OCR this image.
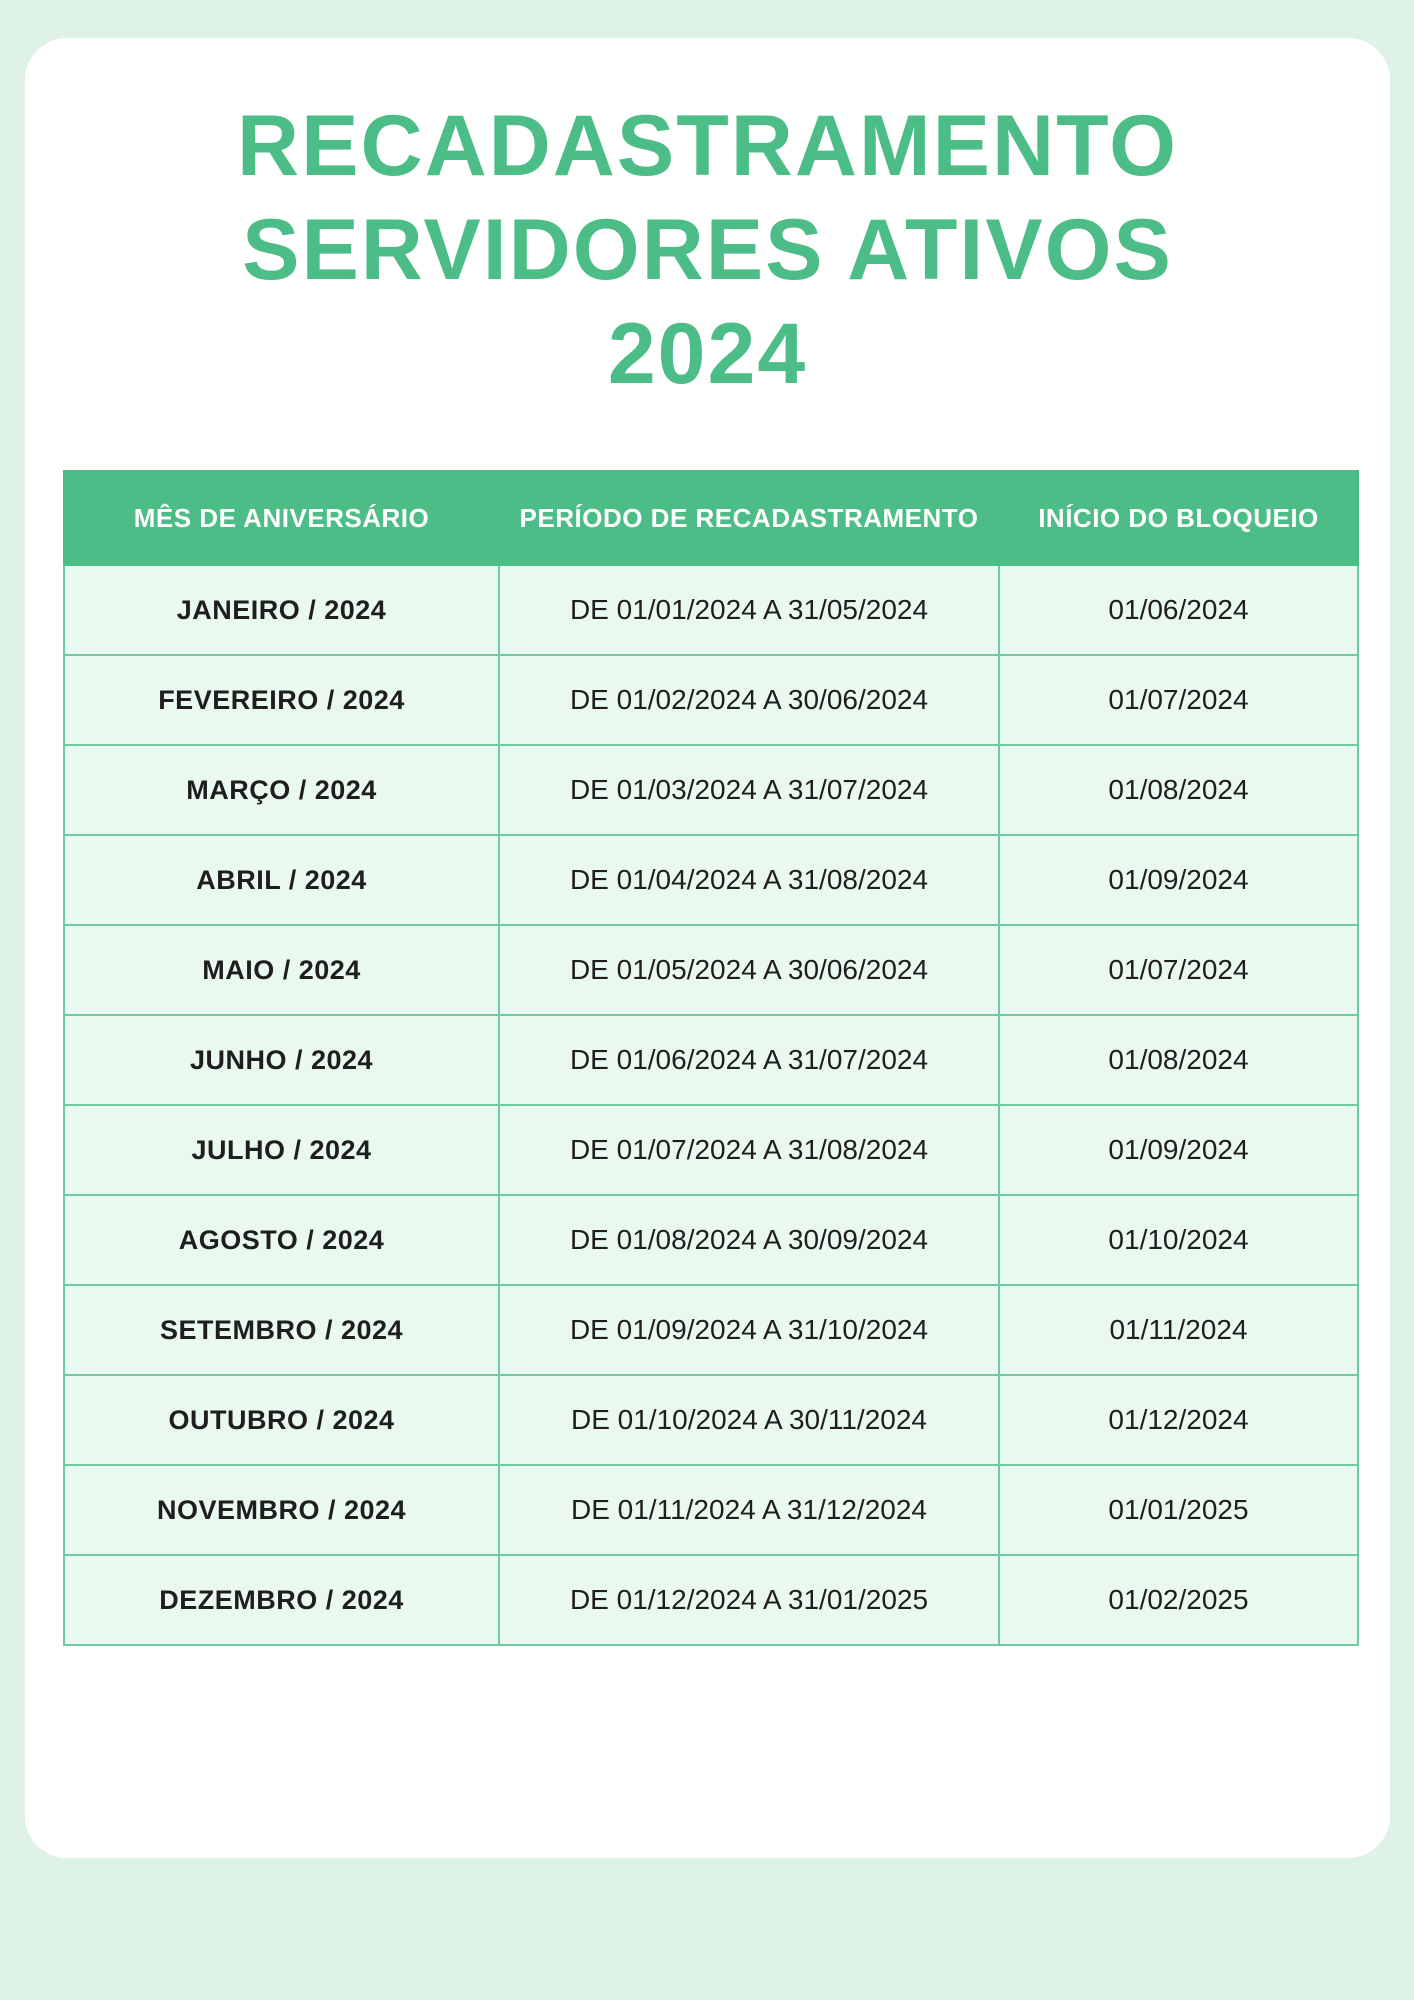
RECADASTRAMENTO
SERVIDORES ATIVOS
2024
MÊS DE ANIVERSÁRIO	PERÍODO DE RECADASTRAMENTO	INÍCIO DO BLOQUEIO
JANEIRO / 2024	DE 01/01/2024 A 31/05/2024	01/06/2024
FEVEREIRO / 2024	DE 01/02/2024 A 30/06/2024	01/07/2024
MARÇO / 2024	DE 01/03/2024 A 31/07/2024	01/08/2024
ABRIL / 2024	DE 01/04/2024 A 31/08/2024	01/09/2024
MAIO / 2024	DE 01/05/2024 A 30/06/2024	01/07/2024
JUNHO / 2024	DE 01/06/2024 A 31/07/2024	01/08/2024
JULHO / 2024	DE 01/07/2024 A 31/08/2024	01/09/2024
AGOSTO / 2024	DE 01/08/2024 A 30/09/2024	01/10/2024
SETEMBRO / 2024	DE 01/09/2024 A 31/10/2024	01/11/2024
OUTUBRO / 2024	DE 01/10/2024 A 30/11/2024	01/12/2024
NOVEMBRO / 2024	DE 01/11/2024 A 31/12/2024	01/01/2025
DEZEMBRO / 2024	DE 01/12/2024 A 31/01/2025	01/02/2025
